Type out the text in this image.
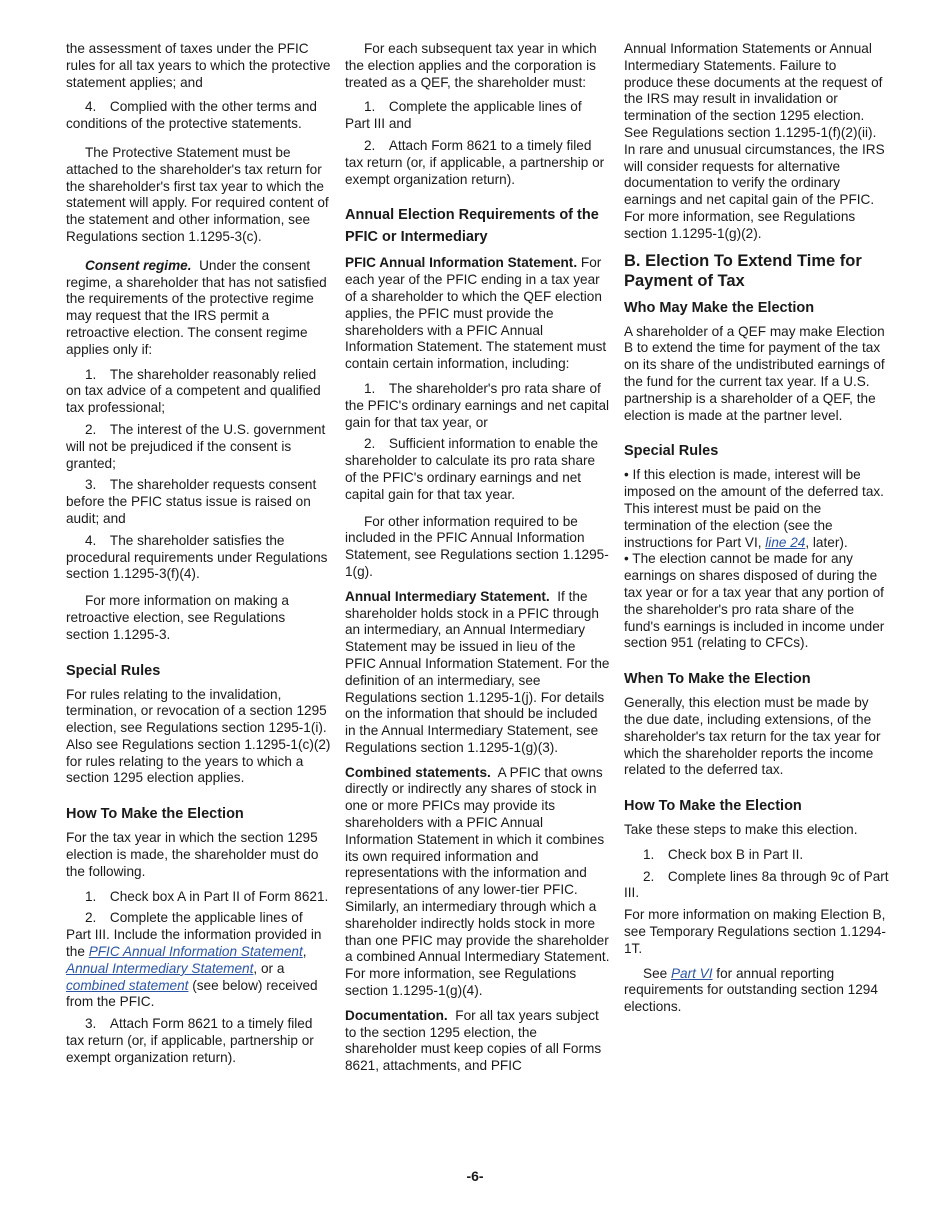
the assessment of taxes under the PFIC rules for all tax years to which the protective statement applies; and

4. Complied with the other terms and conditions of the protective statements.

The Protective Statement must be attached to the shareholder's tax return for the shareholder's first tax year to which the statement will apply. For required content of the statement and other information, see Regulations section 1.1295-3(c).

Consent regime. Under the consent regime, a shareholder that has not satisfied the requirements of the protective regime may request that the IRS permit a retroactive election. The consent regime applies only if:

1. The shareholder reasonably relied on tax advice of a competent and qualified tax professional;

2. The interest of the U.S. government will not be prejudiced if the consent is granted;

3. The shareholder requests consent before the PFIC status issue is raised on audit; and

4. The shareholder satisfies the procedural requirements under Regulations section 1.1295-3(f)(4).

For more information on making a retroactive election, see Regulations section 1.1295-3.

Special Rules

For rules relating to the invalidation, termination, or revocation of a section 1295 election, see Regulations section 1295-1(i). Also see Regulations section 1.1295-1(c)(2) for rules relating to the years to which a section 1295 election applies.

How To Make the Election

For the tax year in which the section 1295 election is made, the shareholder must do the following.

1. Check box A in Part II of Form 8621.

2. Complete the applicable lines of Part III. Include the information provided in the PFIC Annual Information Statement, Annual Intermediary Statement, or a combined statement (see below) received from the PFIC.

3. Attach Form 8621 to a timely filed tax return (or, if applicable, partnership or exempt organization return).

For each subsequent tax year in which the election applies and the corporation is treated as a QEF, the shareholder must:

1. Complete the applicable lines of Part III and

2. Attach Form 8621 to a timely filed tax return (or, if applicable, a partnership or exempt organization return).

Annual Election Requirements of the PFIC or Intermediary

PFIC Annual Information Statement. For each year of the PFIC ending in a tax year of a shareholder to which the QEF election applies, the PFIC must provide the shareholders with a PFIC Annual Information Statement. The statement must contain certain information, including:

1. The shareholder's pro rata share of the PFIC's ordinary earnings and net capital gain for that tax year, or

2. Sufficient information to enable the shareholder to calculate its pro rata share of the PFIC's ordinary earnings and net capital gain for that tax year.

For other information required to be included in the PFIC Annual Information Statement, see Regulations section 1.1295-1(g).

Annual Intermediary Statement. If the shareholder holds stock in a PFIC through an intermediary, an Annual Intermediary Statement may be issued in lieu of the PFIC Annual Information Statement. For the definition of an intermediary, see Regulations section 1.1295-1(j). For details on the information that should be included in the Annual Intermediary Statement, see Regulations section 1.1295-1(g)(3).

Combined statements. A PFIC that owns directly or indirectly any shares of stock in one or more PFICs may provide its shareholders with a PFIC Annual Information Statement in which it combines its own required information and representations with the information and representations of any lower-tier PFIC. Similarly, an intermediary through which a shareholder indirectly holds stock in more than one PFIC may provide the shareholder a combined Annual Intermediary Statement. For more information, see Regulations section 1.1295-1(g)(4).

Documentation. For all tax years subject to the section 1295 election, the shareholder must keep copies of all Forms 8621, attachments, and PFIC

Annual Information Statements or Annual Intermediary Statements. Failure to produce these documents at the request of the IRS may result in invalidation or termination of the section 1295 election. See Regulations section 1.1295-1(f)(2)(ii). In rare and unusual circumstances, the IRS will consider requests for alternative documentation to verify the ordinary earnings and net capital gain of the PFIC. For more information, see Regulations section 1.1295-1(g)(2).

B. Election To Extend Time for Payment of Tax
Who May Make the Election

A shareholder of a QEF may make Election B to extend the time for payment of the tax on its share of the undistributed earnings of the fund for the current tax year. If a U.S. partnership is a shareholder of a QEF, the election is made at the partner level.

Special Rules

• If this election is made, interest will be imposed on the amount of the deferred tax. This interest must be paid on the termination of the election (see the instructions for Part VI, line 24, later).

• The election cannot be made for any earnings on shares disposed of during the tax year or for a tax year that any portion of the shareholder's pro rata share of the fund's earnings is included in income under section 951 (relating to CFCs).

When To Make the Election

Generally, this election must be made by the due date, including extensions, of the shareholder's tax return for the tax year for which the shareholder reports the income related to the deferred tax.

How To Make the Election

Take these steps to make this election.

1. Check box B in Part II.

2. Complete lines 8a through 9c of Part III.

For more information on making Election B, see Temporary Regulations section 1.1294-1T.

See Part VI for annual reporting requirements for outstanding section 1294 elections.

-6-
